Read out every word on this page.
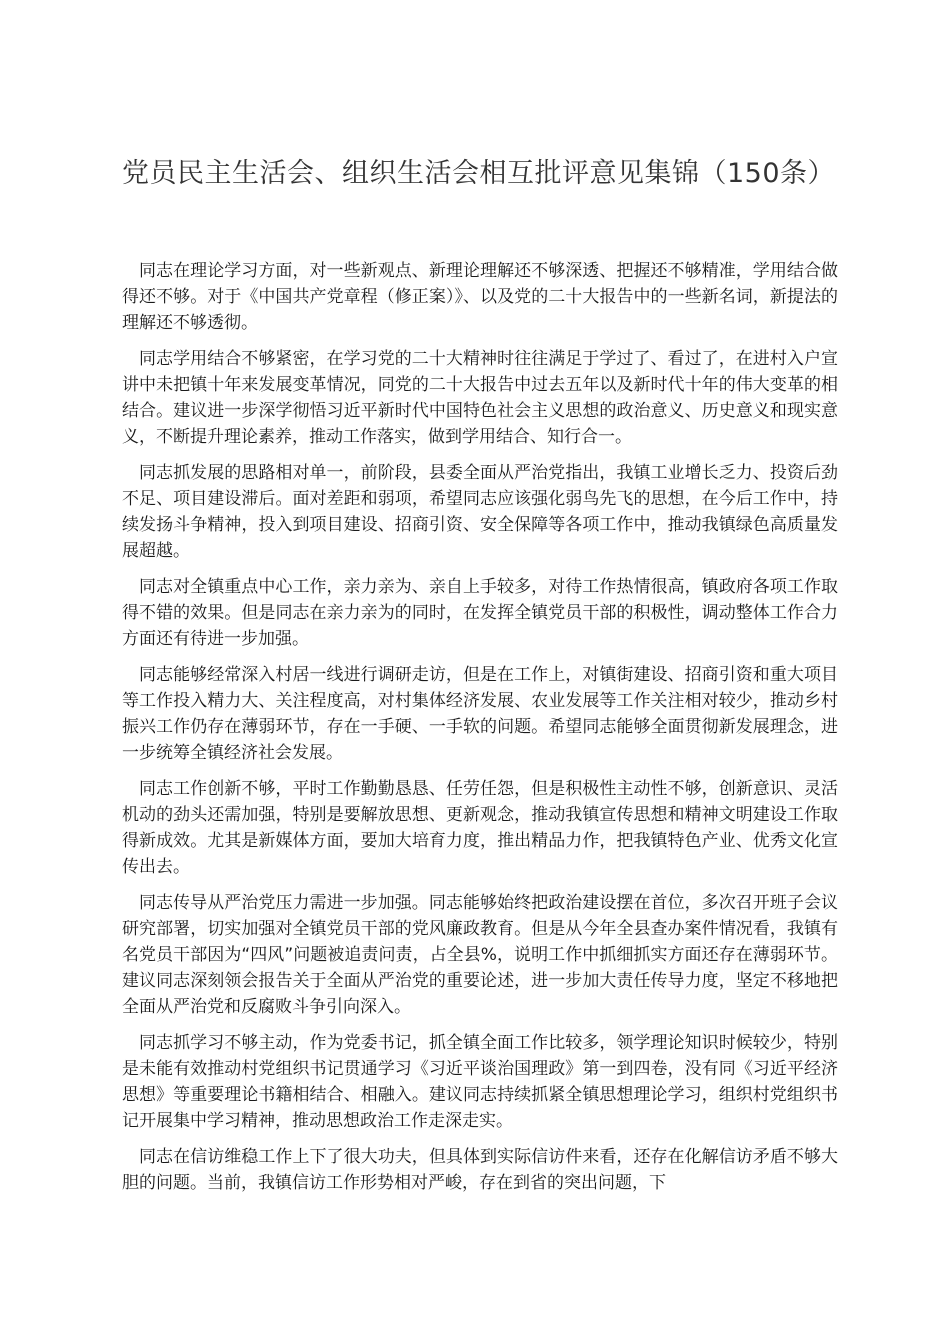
党员民主生活会、组织生活会相互批评意见集锦（150条）

同志在理论学习方面，对一些新观点、新理论理解还不够深透、把握还不够精准，学用结合做得还不够。对于《中国共产党章程（修正案）》、以及党的二十大报告中的一些新名词，新提法的理解还不够透彻。

同志学用结合不够紧密，在学习党的二十大精神时往往满足于学过了、看过了，在进村入户宣讲中未把镇十年来发展变革情况，同党的二十大报告中过去五年以及新时代十年的伟大变革的相结合。建议进一步深学彻悟习近平新时代中国特色社会主义思想的政治意义、历史意义和现实意义，不断提升理论素养，推动工作落实，做到学用结合、知行合一。

同志抓发展的思路相对单一，前阶段，县委全面从严治党指出，我镇工业增长乏力、投资后劲不足、项目建设滞后。面对差距和弱项，希望同志应该强化弱鸟先飞的思想，在今后工作中，持续发扬斗争精神，投入到项目建设、招商引资、安全保障等各项工作中，推动我镇绿色高质量发展超越。

同志对全镇重点中心工作，亲力亲为、亲自上手较多，对待工作热情很高，镇政府各项工作取得不错的效果。但是同志在亲力亲为的同时，在发挥全镇党员干部的积极性，调动整体工作合力方面还有待进一步加强。

同志能够经常深入村居一线进行调研走访，但是在工作上，对镇街建设、招商引资和重大项目等工作投入精力大、关注程度高，对村集体经济发展、农业发展等工作关注相对较少，推动乡村振兴工作仍存在薄弱环节，存在一手硬、一手软的问题。希望同志能够全面贯彻新发展理念，进一步统筹全镇经济社会发展。

同志工作创新不够，平时工作勤勤恳恳、任劳任怨，但是积极性主动性不够，创新意识、灵活机动的劲头还需加强，特别是要解放思想、更新观念，推动我镇宣传思想和精神文明建设工作取得新成效。尤其是新媒体方面，要加大培育力度，推出精品力作，把我镇特色产业、优秀文化宣传出去。

同志传导从严治党压力需进一步加强。同志能够始终把政治建设摆在首位，多次召开班子会议研究部署，切实加强对全镇党员干部的党风廉政教育。但是从今年全县查办案件情况看，我镇有名党员干部因为“四风”问题被追责问责，占全县%，说明工作中抓细抓实方面还存在薄弱环节。建议同志深刻领会报告关于全面从严治党的重要论述，进一步加大责任传导力度，坚定不移地把全面从严治党和反腐败斗争引向深入。

同志抓学习不够主动，作为党委书记，抓全镇全面工作比较多，领学理论知识时候较少，特别是未能有效推动村党组织书记贯通学习《习近平谈治国理政》第一到四卷，没有同《习近平经济思想》等重要理论书籍相结合、相融入。建议同志持续抓紧全镇思想理论学习，组织村党组织书记开展集中学习精神，推动思想政治工作走深走实。

同志在信访维稳工作上下了很大功夫，但具体到实际信访件来看，还存在化解信访矛盾不够大胆的问题。当前，我镇信访工作形势相对严峻，存在到省的突出问题，下
